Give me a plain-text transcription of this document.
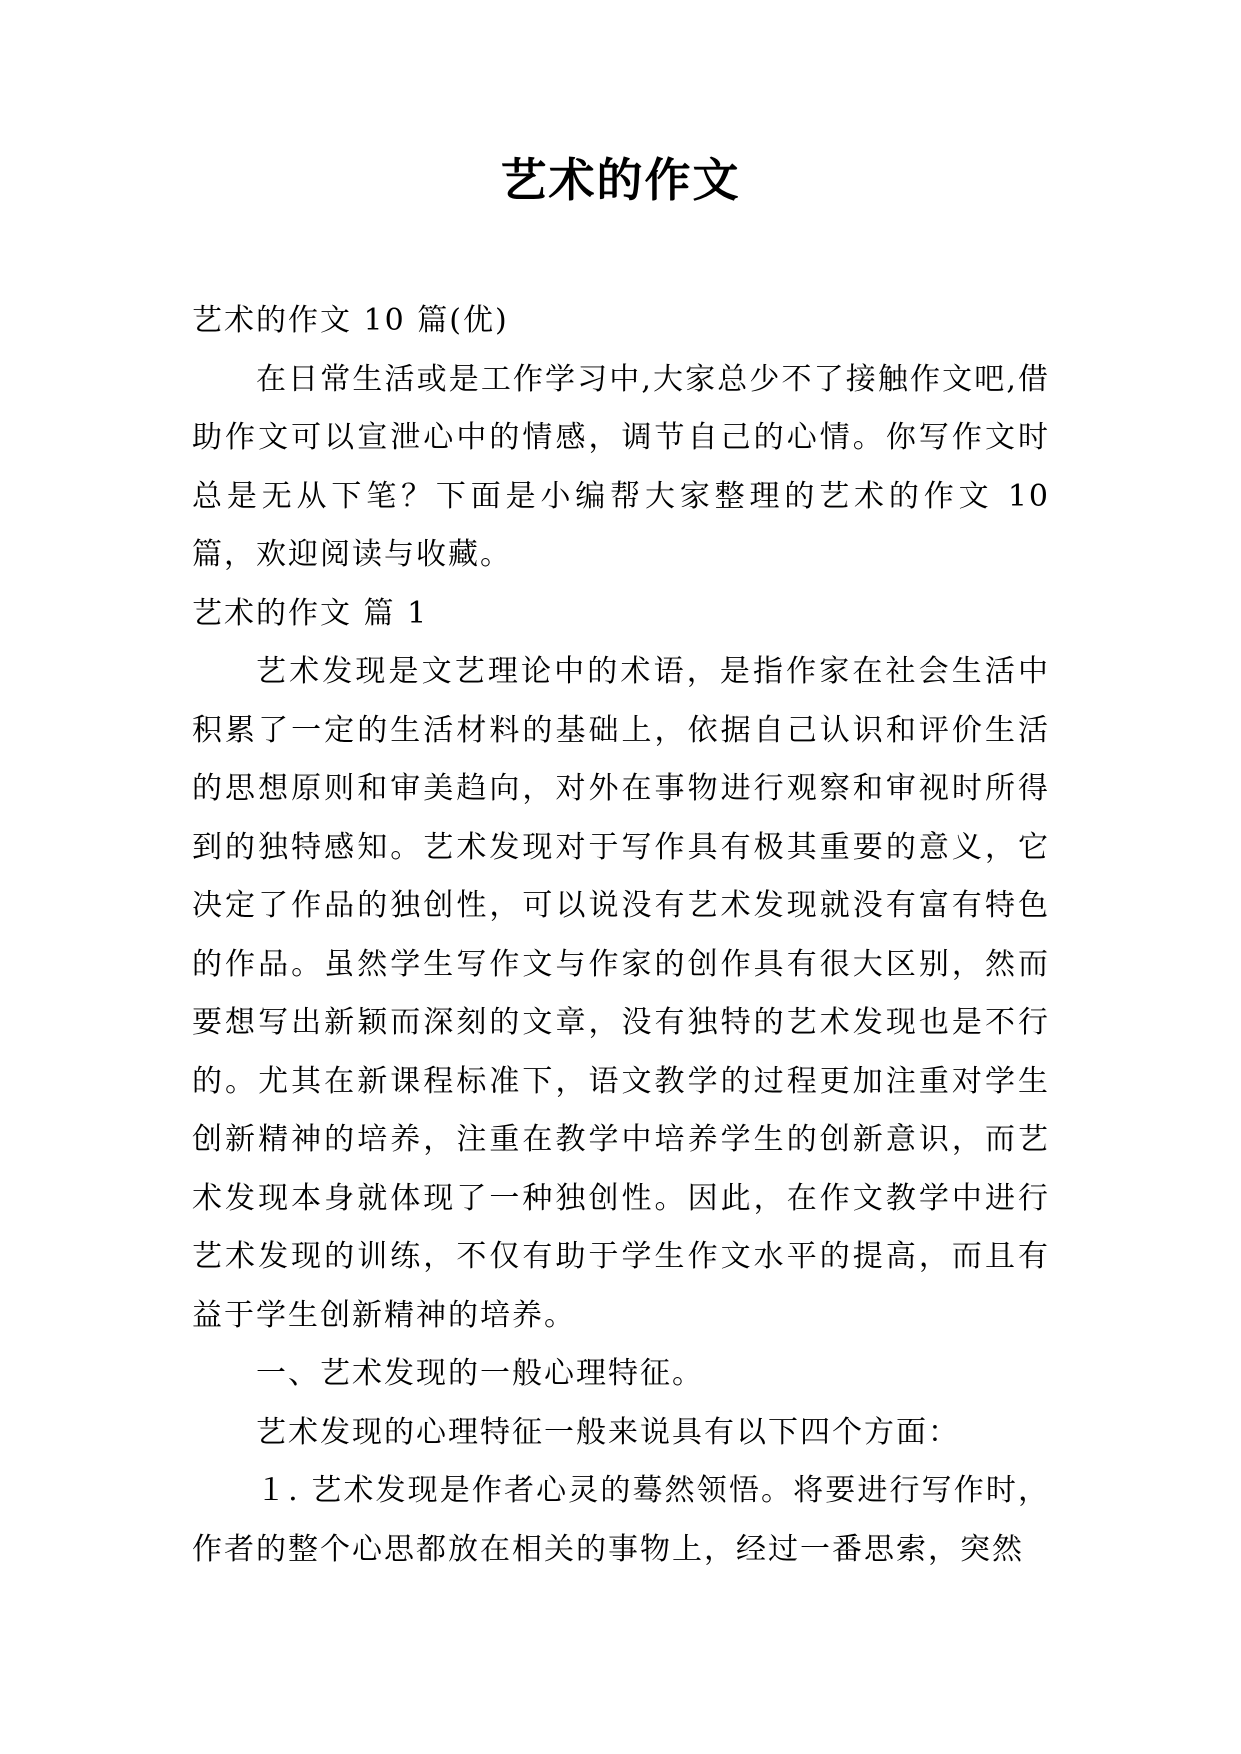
艺术的作文

艺术的作文 10 篇(优)

在日常生活或是工作学习中,大家总少不了接触作文吧,借助作文可以宣泄心中的情感，调节自己的心情。你写作文时总是无从下笔？下面是小编帮大家整理的艺术的作文 10 篇，欢迎阅读与收藏。

艺术的作文 篇 1

艺术发现是文艺理论中的术语，是指作家在社会生活中积累了一定的生活材料的基础上，依据自己认识和评价生活的思想原则和审美趋向，对外在事物进行观察和审视时所得到的独特感知。艺术发现对于写作具有极其重要的意义，它决定了作品的独创性，可以说没有艺术发现就没有富有特色的作品。虽然学生写作文与作家的创作具有很大区别，然而要想写出新颖而深刻的文章，没有独特的艺术发现也是不行的。尤其在新课程标准下，语文教学的过程更加注重对学生创新精神的培养，注重在教学中培养学生的创新意识，而艺术发现本身就体现了一种独创性。因此，在作文教学中进行艺术发现的训练，不仅有助于学生作文水平的提高，而且有益于学生创新精神的培养。

一、艺术发现的一般心理特征。

艺术发现的心理特征一般来说具有以下四个方面：

１. 艺术发现是作者心灵的蓦然领悟。将要进行写作时，作者的整个心思都放在相关的事物上，经过一番思索，突然
